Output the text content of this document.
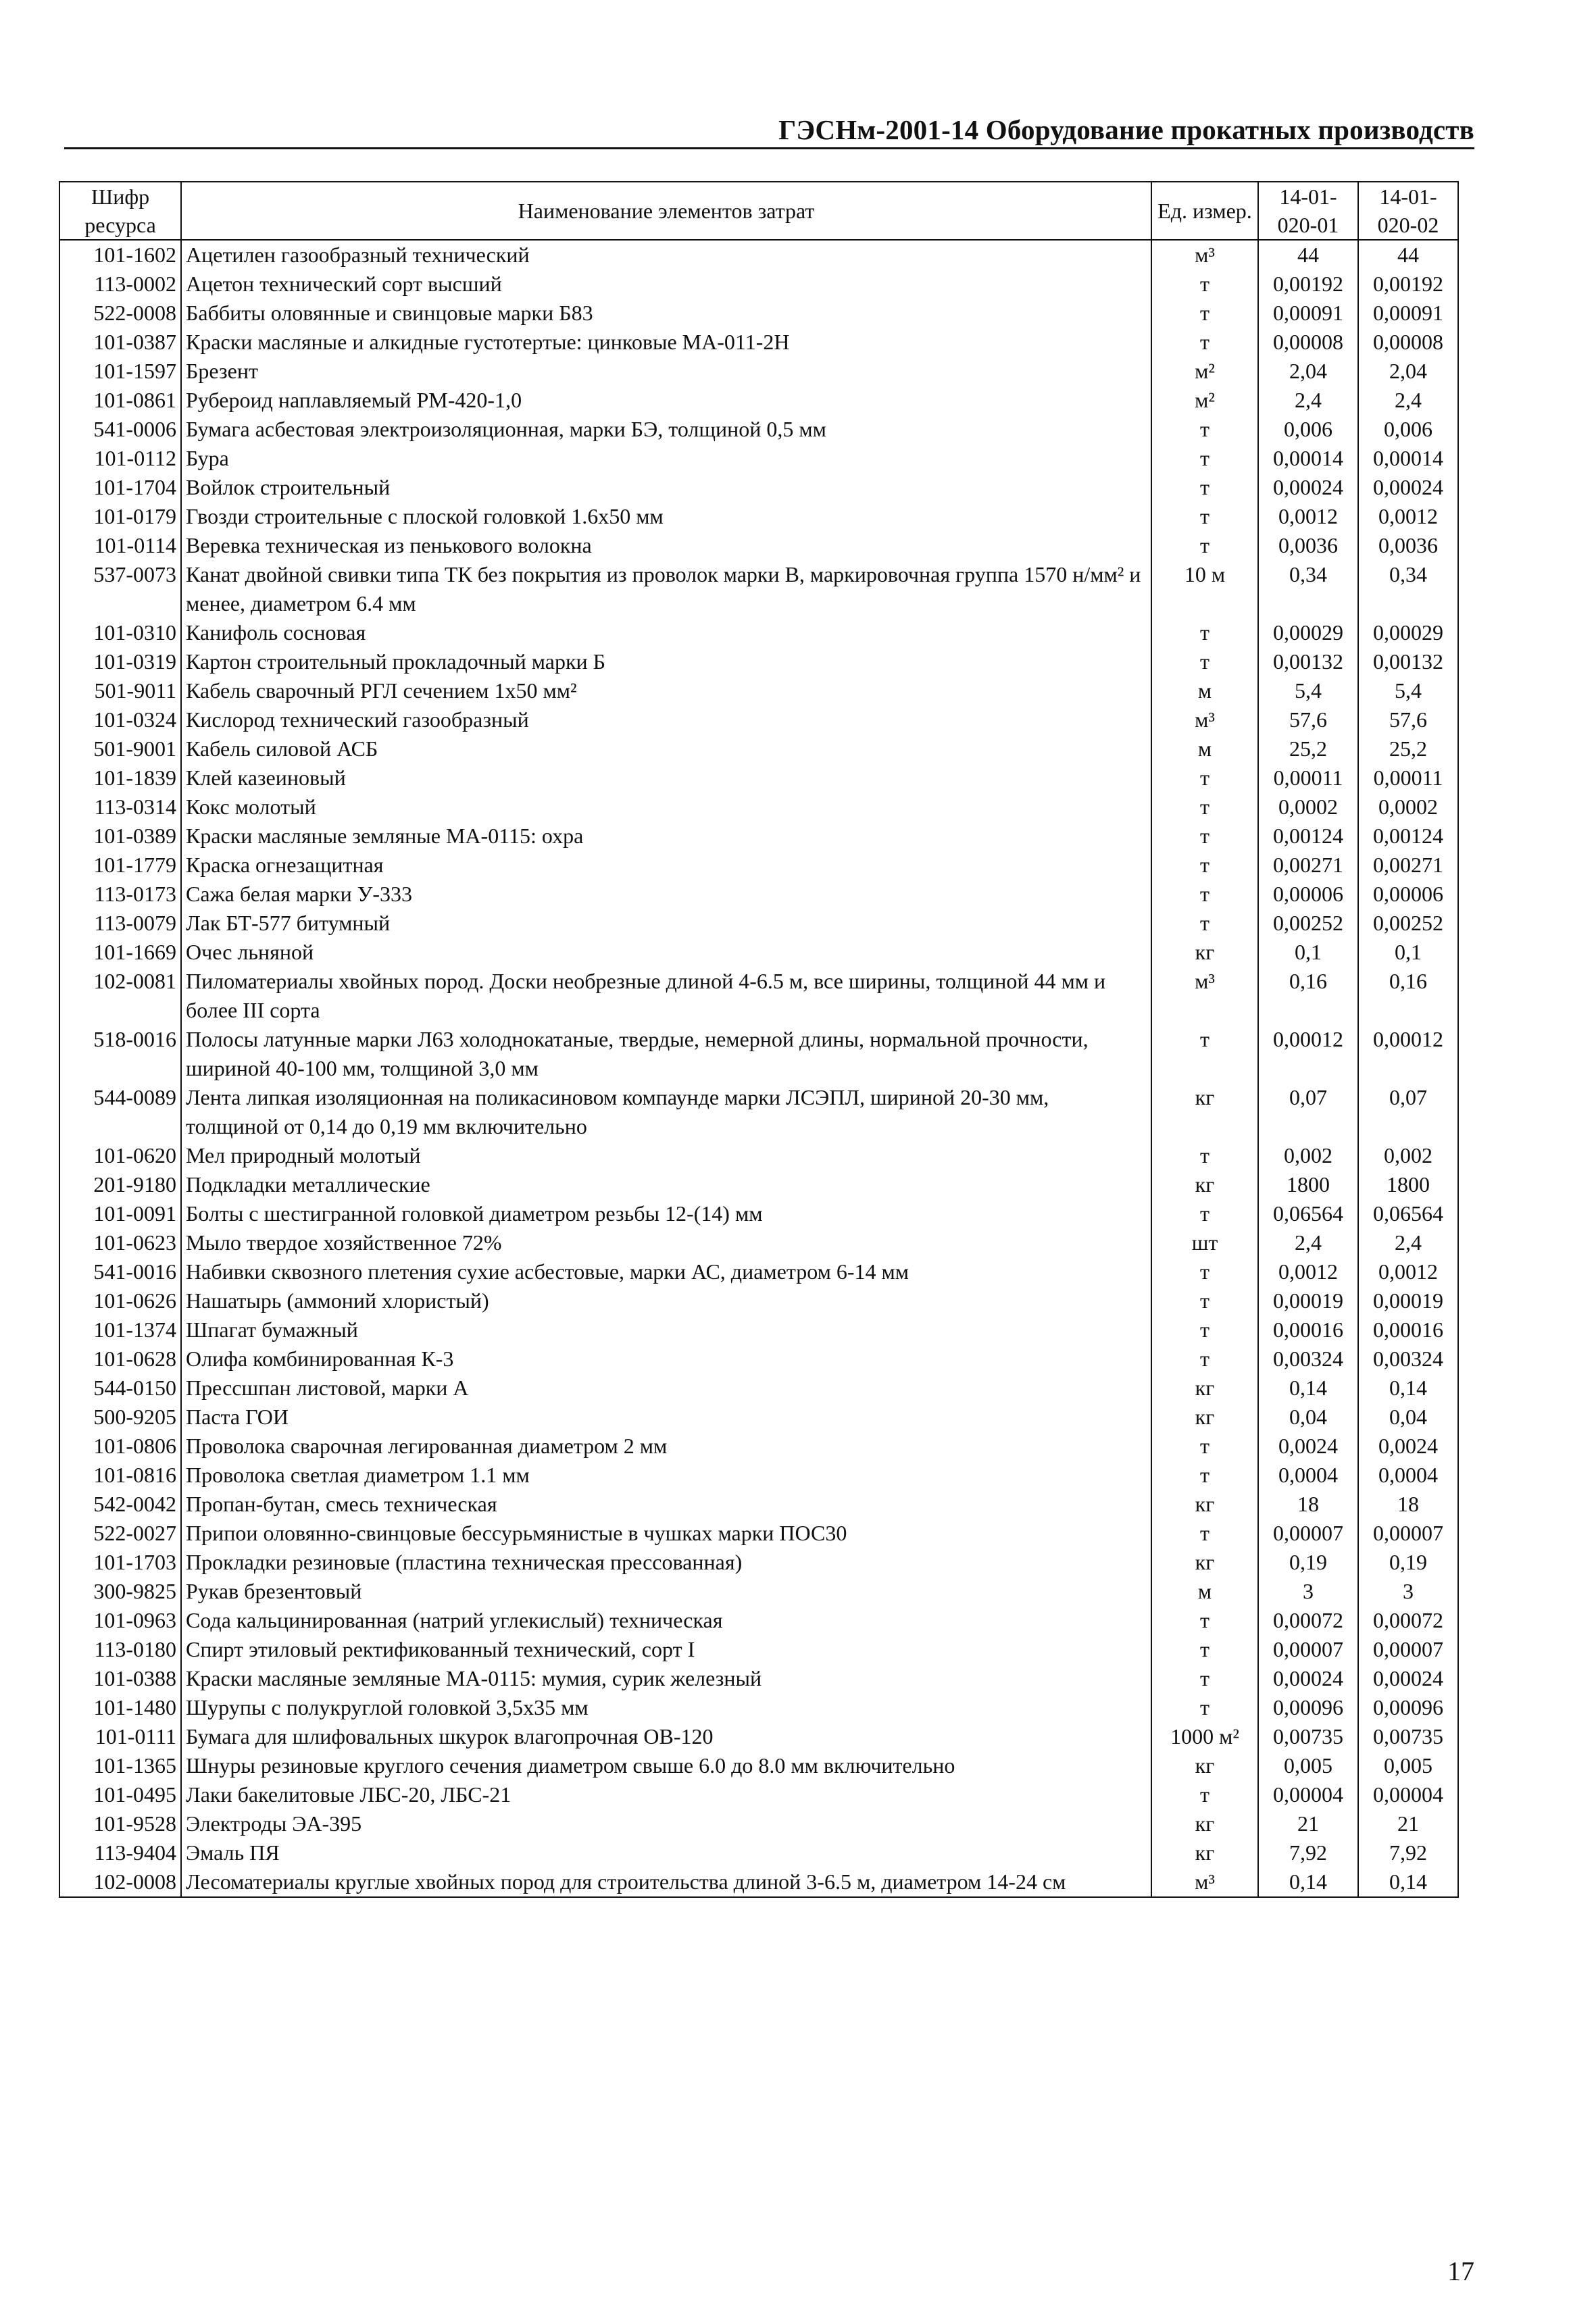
ГЭСНм-2001-14 Оборудование прокатных производств
Шифр ресурса	Наименование элементов затрат	Ед. измер.	14-01- 020-01	14-01- 020-02
101-1602	Ацетилен газообразный технический	м³	44	44
113-0002	Ацетон технический сорт высший	т	0,00192	0,00192
522-0008	Баббиты оловянные и свинцовые марки Б83	т	0,00091	0,00091
101-0387	Краски масляные и алкидные густотертые: цинковые МА-011-2Н	т	0,00008	0,00008
101-1597	Брезент	м²	2,04	2,04
101-0861	Рубероид наплавляемый РМ-420-1,0	м²	2,4	2,4
541-0006	Бумага асбестовая электроизоляционная, марки БЭ, толщиной 0,5 мм	т	0,006	0,006
101-0112	Бура	т	0,00014	0,00014
101-1704	Войлок строительный	т	0,00024	0,00024
101-0179	Гвозди строительные с плоской головкой 1.6х50 мм	т	0,0012	0,0012
101-0114	Веревка техническая из пенькового волокна	т	0,0036	0,0036
537-0073	Канат двойной свивки типа ТК без покрытия из проволок марки В, маркировочная группа 1570 н/мм² и менее, диаметром 6.4 мм	10 м	0,34	0,34
101-0310	Канифоль сосновая	т	0,00029	0,00029
101-0319	Картон строительный прокладочный марки Б	т	0,00132	0,00132
501-9011	Кабель сварочный РГЛ сечением 1х50 мм²	м	5,4	5,4
101-0324	Кислород технический газообразный	м³	57,6	57,6
501-9001	Кабель силовой АСБ	м	25,2	25,2
101-1839	Клей казеиновый	т	0,00011	0,00011
113-0314	Кокс молотый	т	0,0002	0,0002
101-0389	Краски масляные земляные МА-0115: охра	т	0,00124	0,00124
101-1779	Краска огнезащитная	т	0,00271	0,00271
113-0173	Сажа белая марки У-333	т	0,00006	0,00006
113-0079	Лак БТ-577 битумный	т	0,00252	0,00252
101-1669	Очес льняной	кг	0,1	0,1
102-0081	Пиломатериалы хвойных пород. Доски необрезные длиной 4-6.5 м, все ширины, толщиной 44 мм и более III сорта	м³	0,16	0,16
518-0016	Полосы латунные марки Л63 холоднокатаные, твердые, немерной длины, нормальной прочности, шириной 40-100 мм, толщиной 3,0 мм	т	0,00012	0,00012
544-0089	Лента липкая изоляционная на поликасиновом компаунде марки ЛСЭПЛ, шириной 20-30 мм, толщиной от 0,14 до 0,19 мм включительно	кг	0,07	0,07
101-0620	Мел природный молотый	т	0,002	0,002
201-9180	Подкладки металлические	кг	1800	1800
101-0091	Болты с шестигранной головкой диаметром резьбы 12-(14) мм	т	0,06564	0,06564
101-0623	Мыло твердое хозяйственное 72%	шт	2,4	2,4
541-0016	Набивки сквозного плетения сухие асбестовые, марки АС, диаметром 6-14 мм	т	0,0012	0,0012
101-0626	Нашатырь (аммоний хлористый)	т	0,00019	0,00019
101-1374	Шпагат бумажный	т	0,00016	0,00016
101-0628	Олифа комбинированная К-3	т	0,00324	0,00324
544-0150	Прессшпан листовой, марки А	кг	0,14	0,14
500-9205	Паста ГОИ	кг	0,04	0,04
101-0806	Проволока сварочная легированная диаметром 2 мм	т	0,0024	0,0024
101-0816	Проволока светлая диаметром 1.1 мм	т	0,0004	0,0004
542-0042	Пропан-бутан, смесь техническая	кг	18	18
522-0027	Припои оловянно-свинцовые бессурьмянистые в чушках марки ПОС30	т	0,00007	0,00007
101-1703	Прокладки резиновые (пластина техническая прессованная)	кг	0,19	0,19
300-9825	Рукав брезентовый	м	3	3
101-0963	Сода кальцинированная (натрий углекислый) техническая	т	0,00072	0,00072
113-0180	Спирт этиловый ректификованный технический, сорт I	т	0,00007	0,00007
101-0388	Краски масляные земляные МА-0115: мумия, сурик железный	т	0,00024	0,00024
101-1480	Шурупы с полукруглой головкой 3,5х35 мм	т	0,00096	0,00096
101-0111	Бумага для шлифовальных шкурок влагопрочная ОВ-120	1000 м²	0,00735	0,00735
101-1365	Шнуры резиновые круглого сечения диаметром свыше 6.0 до 8.0 мм включительно	кг	0,005	0,005
101-0495	Лаки бакелитовые ЛБС-20, ЛБС-21	т	0,00004	0,00004
101-9528	Электроды ЭА-395	кг	21	21
113-9404	Эмаль ПЯ	кг	7,92	7,92
102-0008	Лесоматериалы круглые хвойных пород для строительства длиной 3-6.5 м, диаметром 14-24 см	м³	0,14	0,14
17
